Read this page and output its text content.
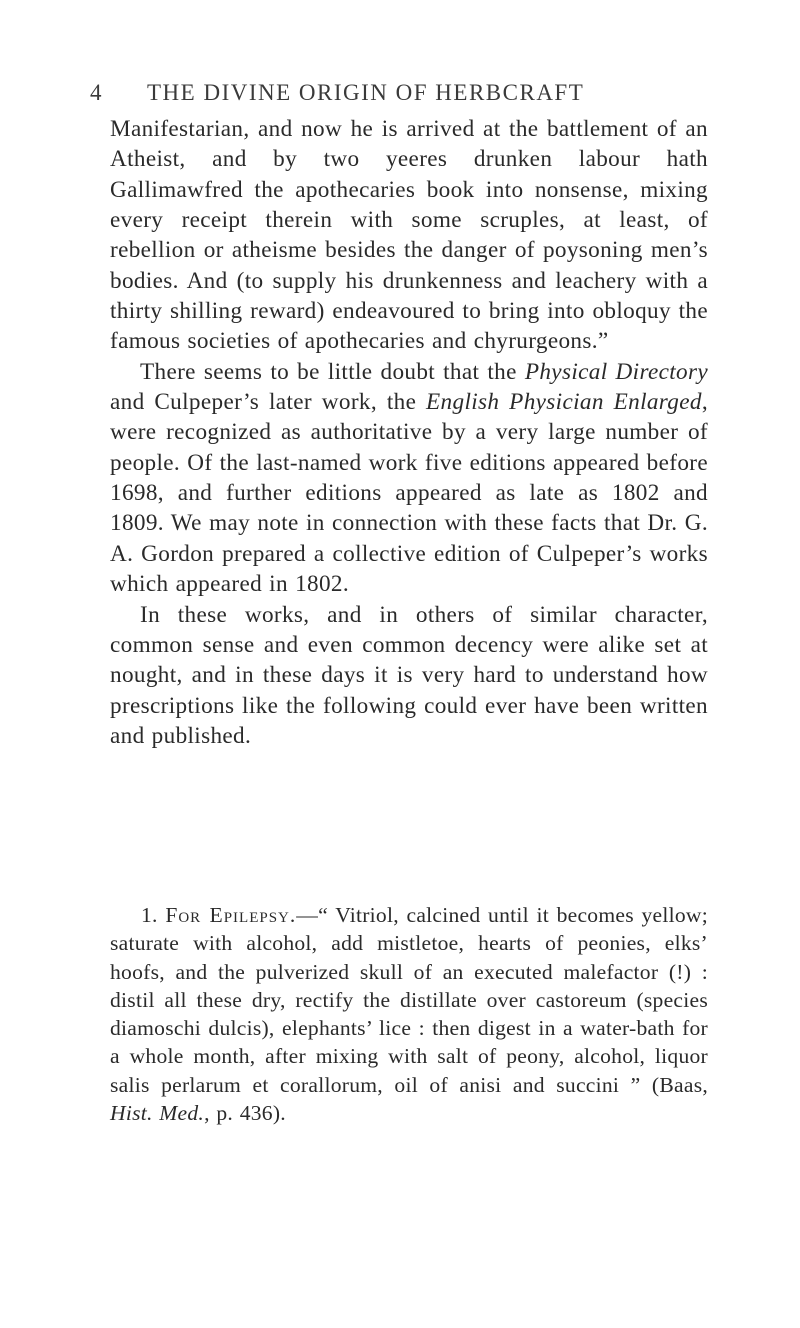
4 THE DIVINE ORIGIN OF HERBCRAFT

Manifestarian, and now he is arrived at the battlement of an Atheist, and by two yeeres drunken labour hath Gallimawfred the apothecaries book into nonsense, mixing every receipt therein with some scruples, at least, of rebellion or atheisme besides the danger of poysoning men’s bodies. And (to supply his drunkenness and leachery with a thirty shilling reward) endeavoured to bring into obloquy the famous societies of apothecaries and chyrurgeons.”

There seems to be little doubt that the Physical Directory and Culpeper’s later work, the English Physician Enlarged, were recognized as authoritative by a very large number of people. Of the last-named work five editions appeared before 1698, and further editions appeared as late as 1802 and 1809. We may note in connection with these facts that Dr. G. A. Gordon prepared a collective edition of Culpeper’s works which appeared in 1802.

In these works, and in others of similar character, common sense and even common decency were alike set at nought, and in these days it is very hard to understand how prescriptions like the following could ever have been written and published.

1. For Epilepsy.—“ Vitriol, calcined until it becomes yellow; saturate with alcohol, add mistletoe, hearts of peonies, elks’ hoofs, and the pulverized skull of an executed malefactor (!) : distil all these dry, rectify the distillate over castoreum (species diamoschi dulcis), elephants’ lice : then digest in a water-bath for a whole month, after mixing with salt of peony, alcohol, liquor salis perlarum et corallorum, oil of anisi and succini ” (Baas, Hist. Med., p. 436).
